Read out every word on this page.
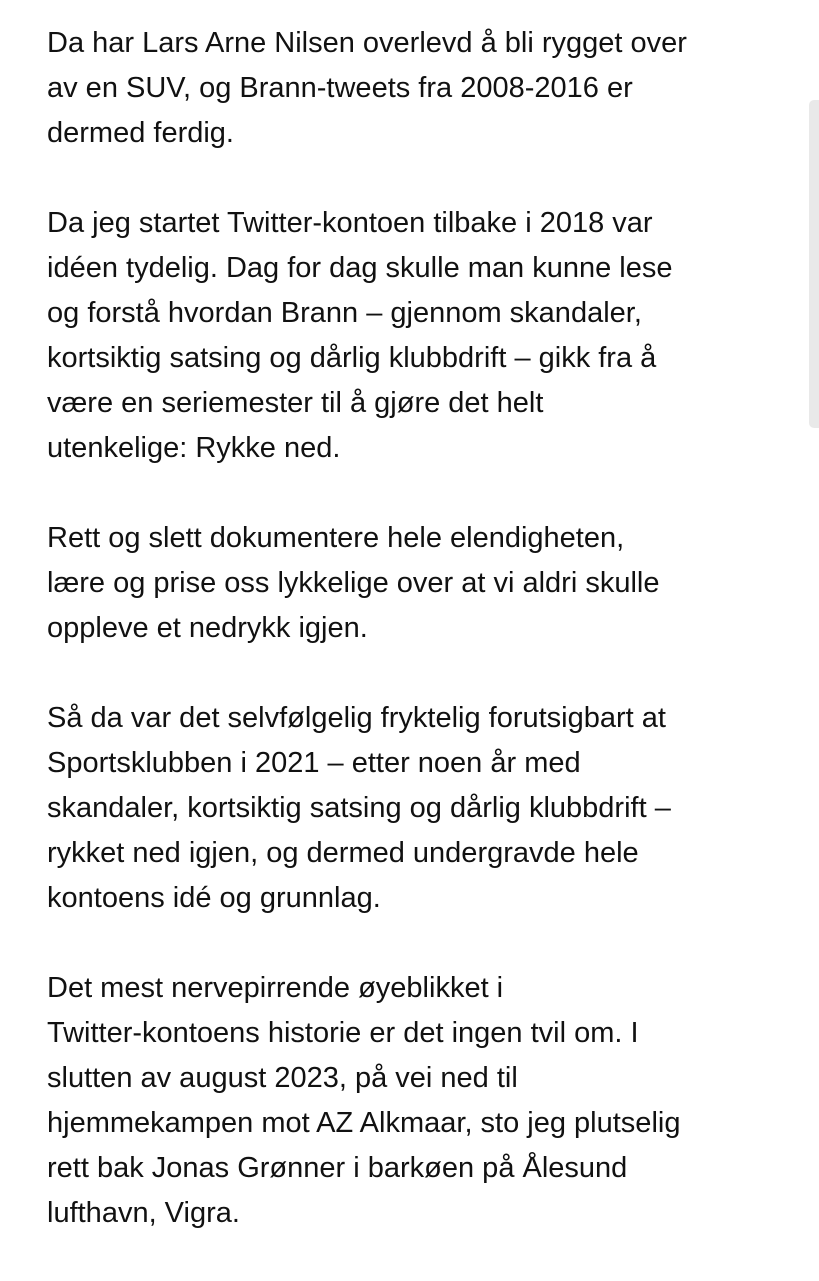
Da har Lars Arne Nilsen overlevd å bli rygget over
av en SUV, og Brann-tweets fra 2008-2016 er
dermed ferdig.
Da jeg startet Twitter-kontoen tilbake i 2018 var
idéen tydelig. Dag for dag skulle man kunne lese
og forstå hvordan Brann – gjennom skandaler,
kortsiktig satsing og dårlig klubbdrift – gikk fra å
være en seriemester til å gjøre det helt
utenkelige: Rykke ned.
Rett og slett dokumentere hele elendigheten,
lære og prise oss lykkelige over at vi aldri skulle
oppleve et nedrykk igjen.
Så da var det selvfølgelig fryktelig forutsigbart at
Sportsklubben i 2021 – etter noen år med
skandaler, kortsiktig satsing og dårlig klubbdrift –
rykket ned igjen, og dermed undergravde hele
kontoens idé og grunnlag.
Det mest nervepirrende øyeblikket i
Twitter-kontoens historie er det ingen tvil om. I
slutten av august 2023, på vei ned til
hjemmekampen mot AZ Alkmaar, sto jeg plutselig
rett bak Jonas Grønner i barkøen på Ålesund
lufthavn, Vigra.
